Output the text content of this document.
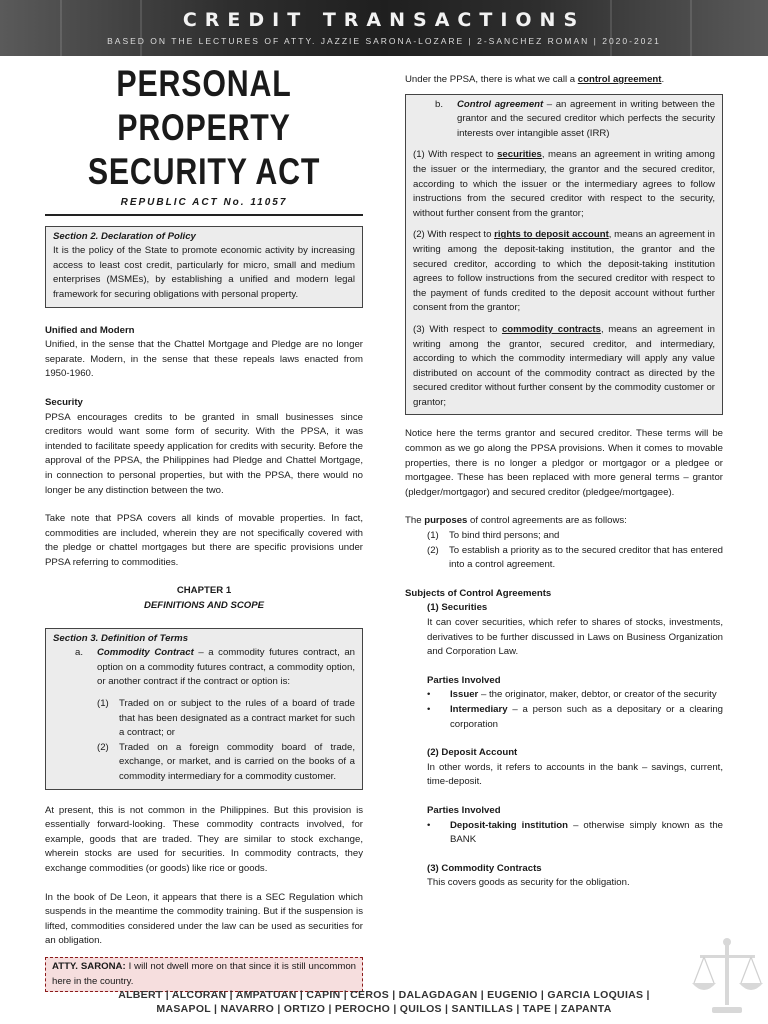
CREDIT TRANSACTIONS
BASED ON THE LECTURES OF ATTY. JAZZIE SARONA-LOZARE | 2-SANCHEZ ROMAN | 2020-2021
PERSONAL PROPERTY
SECURITY ACT
REPUBLIC ACT No. 11057
Section 2. Declaration of Policy

It is the policy of the State to promote economic activity by increasing access to least cost credit, particularly for micro, small and medium enterprises (MSMEs), by establishing a unified and modern legal framework for securing obligations with personal property.

Unified and Modern

Unified, in the sense that the Chattel Mortgage and Pledge are no longer separate. Modern, in the sense that these repeals laws enacted from 1950-1960.

Security

PPSA encourages credits to be granted in small businesses since creditors would want some form of security. With the PPSA, it was intended to facilitate speedy application for credits with security. Before the approval of the PPSA, the Philippines had Pledge and Chattel Mortgage, in connection to personal properties, but with the PPSA, there would no longer be any distinction between the two.

Take note that PPSA covers all kinds of movable properties. In fact, commodities are included, wherein they are not specifically covered with the pledge or chattel mortgages but there are specific provisions under PPSA referring to commodities.

CHAPTER 1
DEFINITIONS AND SCOPE
Section 3. Definition of Terms
a.	Commodity Contract – a commodity futures contract, an option on a commodity futures contract, a commodity option, or another contract if the contract or option is:
(1)	Traded on or subject to the rules of a board of trade that has been designated as a contract market for such a contract; or
(2)	Traded on a foreign commodity board of trade, exchange, or market, and is carried on the books of a commodity intermediary for a commodity customer.

At present, this is not common in the Philippines. But this provision is essentially forward-looking. These commodity contracts involved, for example, goods that are traded. They are similar to stock exchange, wherein stocks are used for securities. In commodity contracts, they exchange commodities (or goods) like rice or goods.

In the book of De Leon, it appears that there is a SEC Regulation which suspends in the meantime the commodity training. But if the suspension is lifted, commodities considered under the law can be used as securities for an obligation.

ATTY. SARONA: I will not dwell more on that since it is still uncommon here in the country.

Under the PPSA, there is what we call a control agreement.

b.	Control agreement – an agreement in writing between the grantor and the secured creditor which perfects the security interests over intangible asset (IRR)

(1) With respect to securities, means an agreement in writing among the issuer or the intermediary, the grantor and the secured creditor, according to which the issuer or the intermediary agrees to follow instructions from the secured creditor with respect to the security, without further consent from the grantor;

(2) With respect to rights to deposit account, means an agreement in writing among the deposit-taking institution, the grantor and the secured creditor, according to which the deposit-taking institution agrees to follow instructions from the secured creditor with respect to the payment of funds credited to the deposit account without further consent from the grantor;

(3) With respect to commodity contracts, means an agreement in writing among the grantor, secured creditor, and intermediary, according to which the commodity intermediary will apply any value distributed on account of the commodity contract as directed by the secured creditor without further consent by the commodity customer or grantor;

Notice here the terms grantor and secured creditor. These terms will be common as we go along the PPSA provisions. When it comes to movable properties, there is no longer a pledgor or mortgagor or a pledgee or mortgagee. These has been replaced with more general terms – grantor (pledger/mortgagor) and secured creditor (pledgee/mortgagee).

The purposes of control agreements are as follows:

(1)	To bind third persons; and
(2)	To establish a priority as to the secured creditor that has entered into a control agreement.
Subjects of Control Agreements
(1) Securities

It can cover securities, which refer to shares of stocks, investments, derivatives to be further discussed in Laws on Business Organization and Corporation Law.

Parties Involved
• Issuer – the originator, maker, debtor, or creator of the security
• Intermediary – a person such as a depositary or a clearing corporation
(2) Deposit Account

In other words, it refers to accounts in the bank – savings, current, time-deposit.

Parties Involved
• Deposit-taking institution – otherwise simply known as the BANK
(3) Commodity Contracts

This covers goods as security for the obligation.

ALBERT | ALCORAN | AMPATUAN | CAPIN | CEROS | DALAGDAGAN | EUGENIO | GARCIA LOQUIAS |
MASAPOL | NAVARRO | ORTIZO | PEROCHO | QUILOS | SANTILLAS | TAPE | ZAPANTA
